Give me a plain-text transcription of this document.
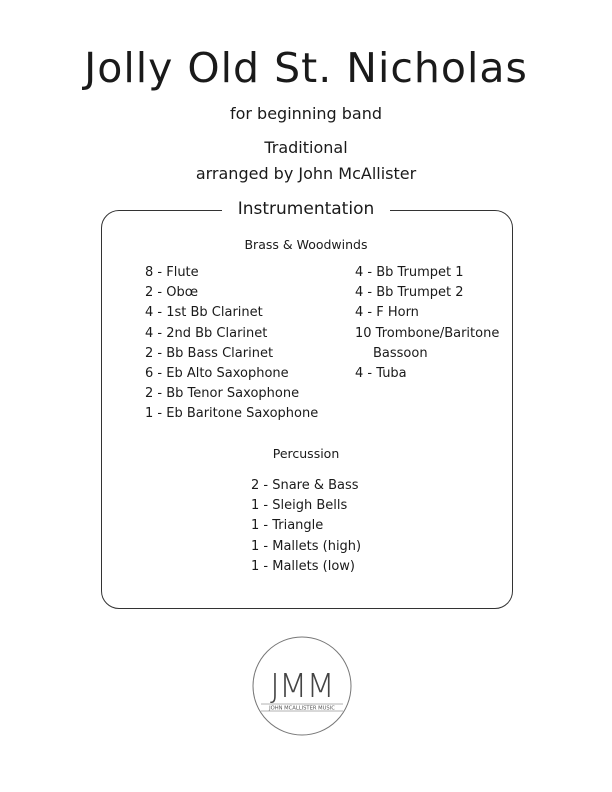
Jolly Old St. Nicholas
for beginning band
Traditional
arranged by John McAllister
Instrumentation
Brass & Woodwinds
8 - Flute
2 - Obœ
4 - 1st Bb Clarinet
4 - 2nd Bb Clarinet
2 - Bb Bass Clarinet
6 - Eb Alto Saxophone
2 - Bb Tenor Saxophone
1 - Eb Baritone Saxophone
4 - Bb Trumpet 1
4 - Bb Trumpet 2
4 - F Horn
10 Trombone/Baritone
Bassoon
4 - Tuba
Percussion
2 - Snare & Bass
1 - Sleigh Bells
1 - Triangle
1 - Mallets (high)
1 - Mallets (low)
JMM
JOHN MCALLISTER MUSIC
